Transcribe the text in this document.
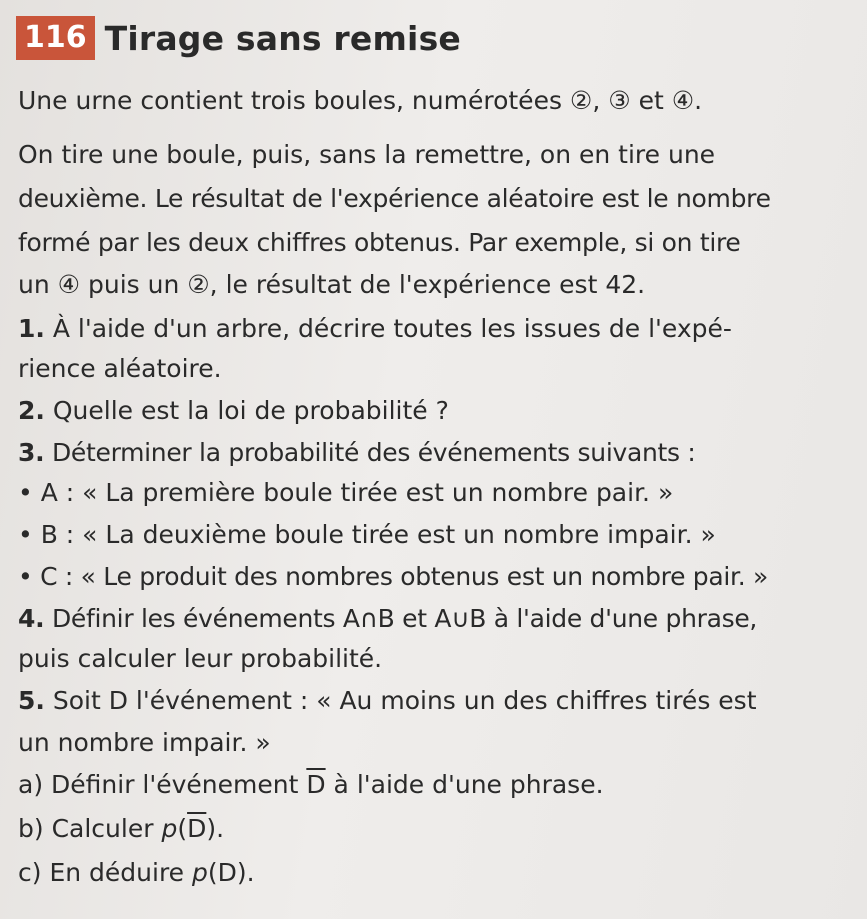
116 Tirage sans remise
Une urne contient trois boules, numérotées ②, ③ et ④.
On tire une boule, puis, sans la remettre, on en tire une
deuxième. Le résultat de l'expérience aléatoire est le nombre
formé par les deux chiffres obtenus. Par exemple, si on tire
un ④ puis un ②, le résultat de l'expérience est 42.
1. À l'aide d'un arbre, décrire toutes les issues de l'expé-
rience aléatoire.
2. Quelle est la loi de probabilité ?
3. Déterminer la probabilité des événements suivants :
• A : « La première boule tirée est un nombre pair. »
• B : « La deuxième boule tirée est un nombre impair. »
• C : « Le produit des nombres obtenus est un nombre pair. »
4. Définir les événements A∩B et A∪B à l'aide d'une phrase,
puis calculer leur probabilité.
5. Soit D l'événement : « Au moins un des chiffres tirés est
un nombre impair. »
a) Définir l'événement $\overline{D}$ à l'aide d'une phrase.
b) Calculer $p(\overline{D})$.
c) En déduire p(D).
